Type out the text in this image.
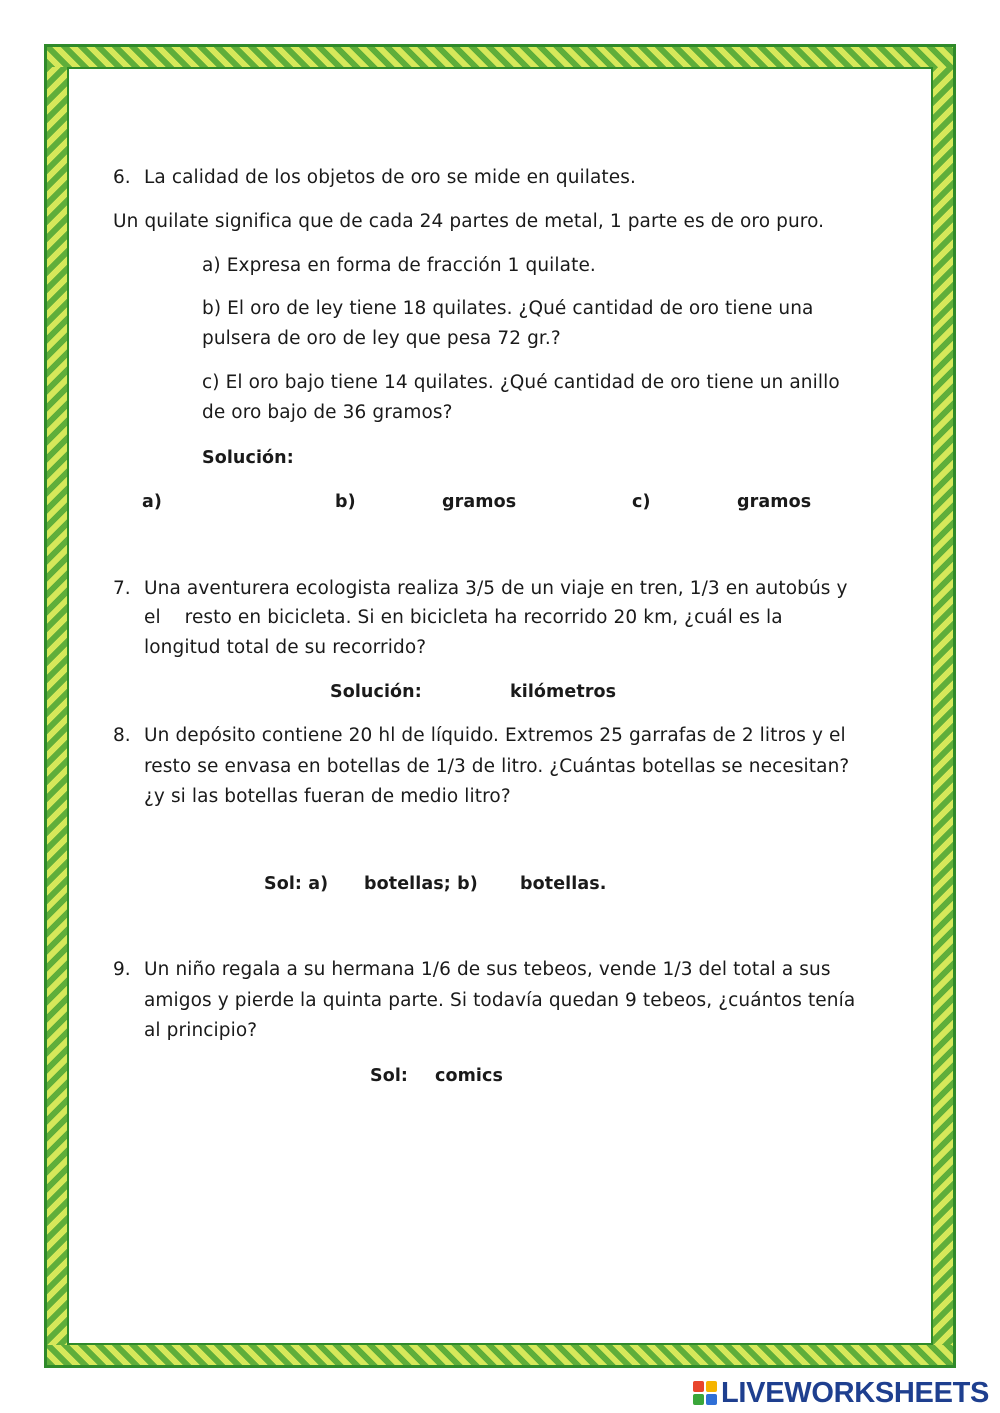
6. La calidad de los objetos de oro se mide en quilates.
Un quilate significa que de cada 24 partes de metal, 1 parte es de oro puro.
a) Expresa en forma de fracción 1 quilate.
b) El oro de ley tiene 18 quilates. ¿Qué cantidad de oro tiene una
pulsera de oro de ley que pesa 72 gr.?
c) El oro bajo tiene 14 quilates. ¿Qué cantidad de oro tiene un anillo
de oro bajo de 36 gramos?
Solución:
a)	b)	gramos	c)	gramos
7. Una aventurera ecologista realiza 3/5 de un viaje en tren, 1/3 en autobús y
el    resto en bicicleta. Si en bicicleta ha recorrido 20 km, ¿cuál es la
longitud total de su recorrido?
Solución:	kilómetros
8. Un depósito contiene 20 hl de líquido. Extremos 25 garrafas de 2 litros y el
resto se envasa en botellas de 1/3 de litro. ¿Cuántas botellas se necesitan?
¿y si las botellas fueran de medio litro?
Sol: a) botellas; b) botellas.
9. Un niño regala a su hermana 1/6 de sus tebeos, vende 1/3 del total a sus
amigos y pierde la quinta parte. Si todavía quedan 9 tebeos, ¿cuántos tenía
al principio?
Sol: comics
LIVEWORKSHEETS
